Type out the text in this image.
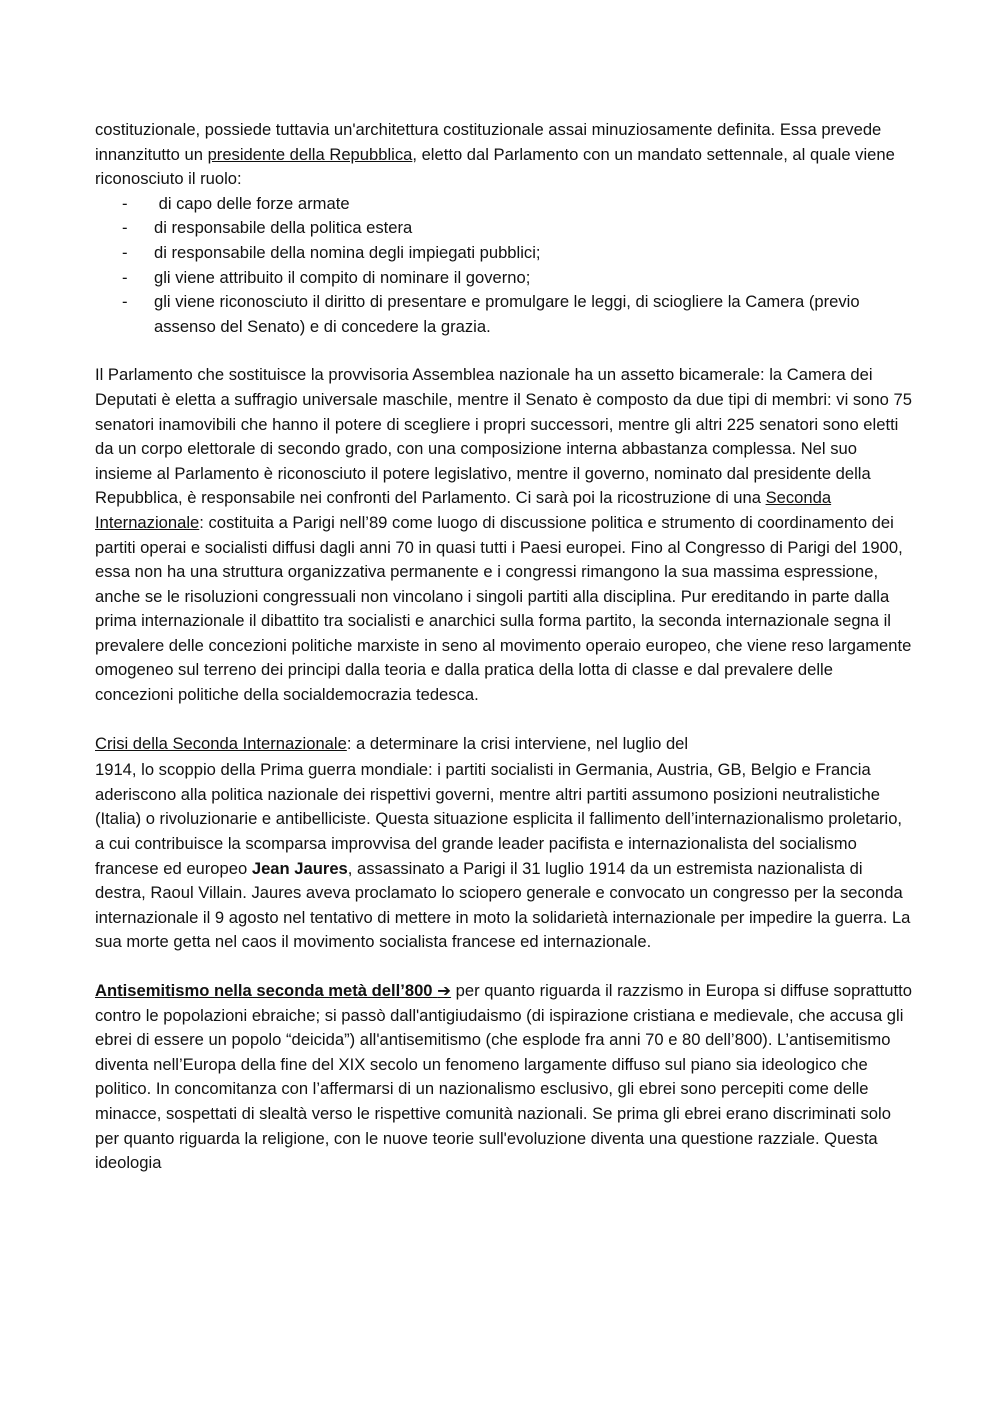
costituzionale, possiede tuttavia un'architettura costituzionale assai minuziosamente definita. Essa prevede innanzitutto un presidente della Repubblica, eletto dal Parlamento con un mandato settennale, al quale viene riconosciuto il ruolo:

- di capo delle forze armate
- di responsabile della politica estera
- di responsabile della nomina degli impiegati pubblici;
- gli viene attribuito il compito di nominare il governo;
- gli viene riconosciuto il diritto di presentare e promulgare le leggi, di sciogliere la Camera (previo assenso del Senato) e di concedere la grazia.

Il Parlamento che sostituisce la provvisoria Assemblea nazionale ha un assetto bicamerale: la Camera dei Deputati è eletta a suffragio universale maschile, mentre il Senato è composto da due tipi di membri: vi sono 75 senatori inamovibili che hanno il potere di scegliere i propri successori, mentre gli altri 225 senatori sono eletti da un corpo elettorale di secondo grado, con una composizione interna abbastanza complessa. Nel suo insieme al Parlamento è riconosciuto il potere legislativo, mentre il governo, nominato dal presidente della Repubblica, è responsabile nei confronti del Parlamento. Ci sarà poi la ricostruzione di una Seconda Internazionale: costituita a Parigi nell’89 come luogo di discussione politica e strumento di coordinamento dei partiti operai e socialisti diffusi dagli anni 70 in quasi tutti i Paesi europei. Fino al Congresso di Parigi del 1900, essa non ha una struttura organizzativa permanente e i congressi rimangono la sua massima espressione, anche se le risoluzioni congressuali non vincolano i singoli partiti alla disciplina. Pur ereditando in parte dalla prima internazionale il dibattito tra socialisti e anarchici sulla forma partito, la seconda internazionale segna il prevalere delle concezioni politiche marxiste in seno al movimento operaio europeo, che viene reso largamente omogeneo sul terreno dei principi dalla teoria e dalla pratica della lotta di classe e dal prevalere delle concezioni politiche della socialdemocrazia tedesca.

Crisi della Seconda Internazionale: a determinare la crisi interviene, nel luglio del

1914, lo scoppio della Prima guerra mondiale: i partiti socialisti in Germania, Austria, GB, Belgio e Francia aderiscono alla politica nazionale dei rispettivi governi, mentre altri partiti assumono posizioni neutralistiche (Italia) o rivoluzionarie e antibelliciste. Questa situazione esplicita il fallimento dell’internazionalismo proletario, a cui contribuisce la scomparsa improvvisa del grande leader pacifista e internazionalista del socialismo francese ed europeo Jean Jaures, assassinato a Parigi il 31 luglio 1914 da un estremista nazionalista di destra, Raoul Villain. Jaures aveva proclamato lo sciopero generale e convocato un congresso per la seconda internazionale il 9 agosto nel tentativo di mettere in moto la solidarietà internazionale per impedire la guerra. La sua morte getta nel caos il movimento socialista francese ed internazionale.

Antisemitismo nella seconda metà dell’800 ➔ per quanto riguarda il razzismo in Europa si diffuse soprattutto contro le popolazioni ebraiche; si passò dall'antigiudaismo (di ispirazione cristiana e medievale, che accusa gli ebrei di essere un popolo “deicida”) all'antisemitismo (che esplode fra anni 70 e 80 dell’800). L’antisemitismo diventa nell’Europa della fine del XIX secolo un fenomeno largamente diffuso sul piano sia ideologico che politico. In concomitanza con l’affermarsi di un nazionalismo esclusivo, gli ebrei sono percepiti come delle minacce, sospettati di slealtà verso le rispettive comunità nazionali. Se prima gli ebrei erano discriminati solo per quanto riguarda la religione, con le nuove teorie sull'evoluzione diventa una questione razziale. Questa ideologia
